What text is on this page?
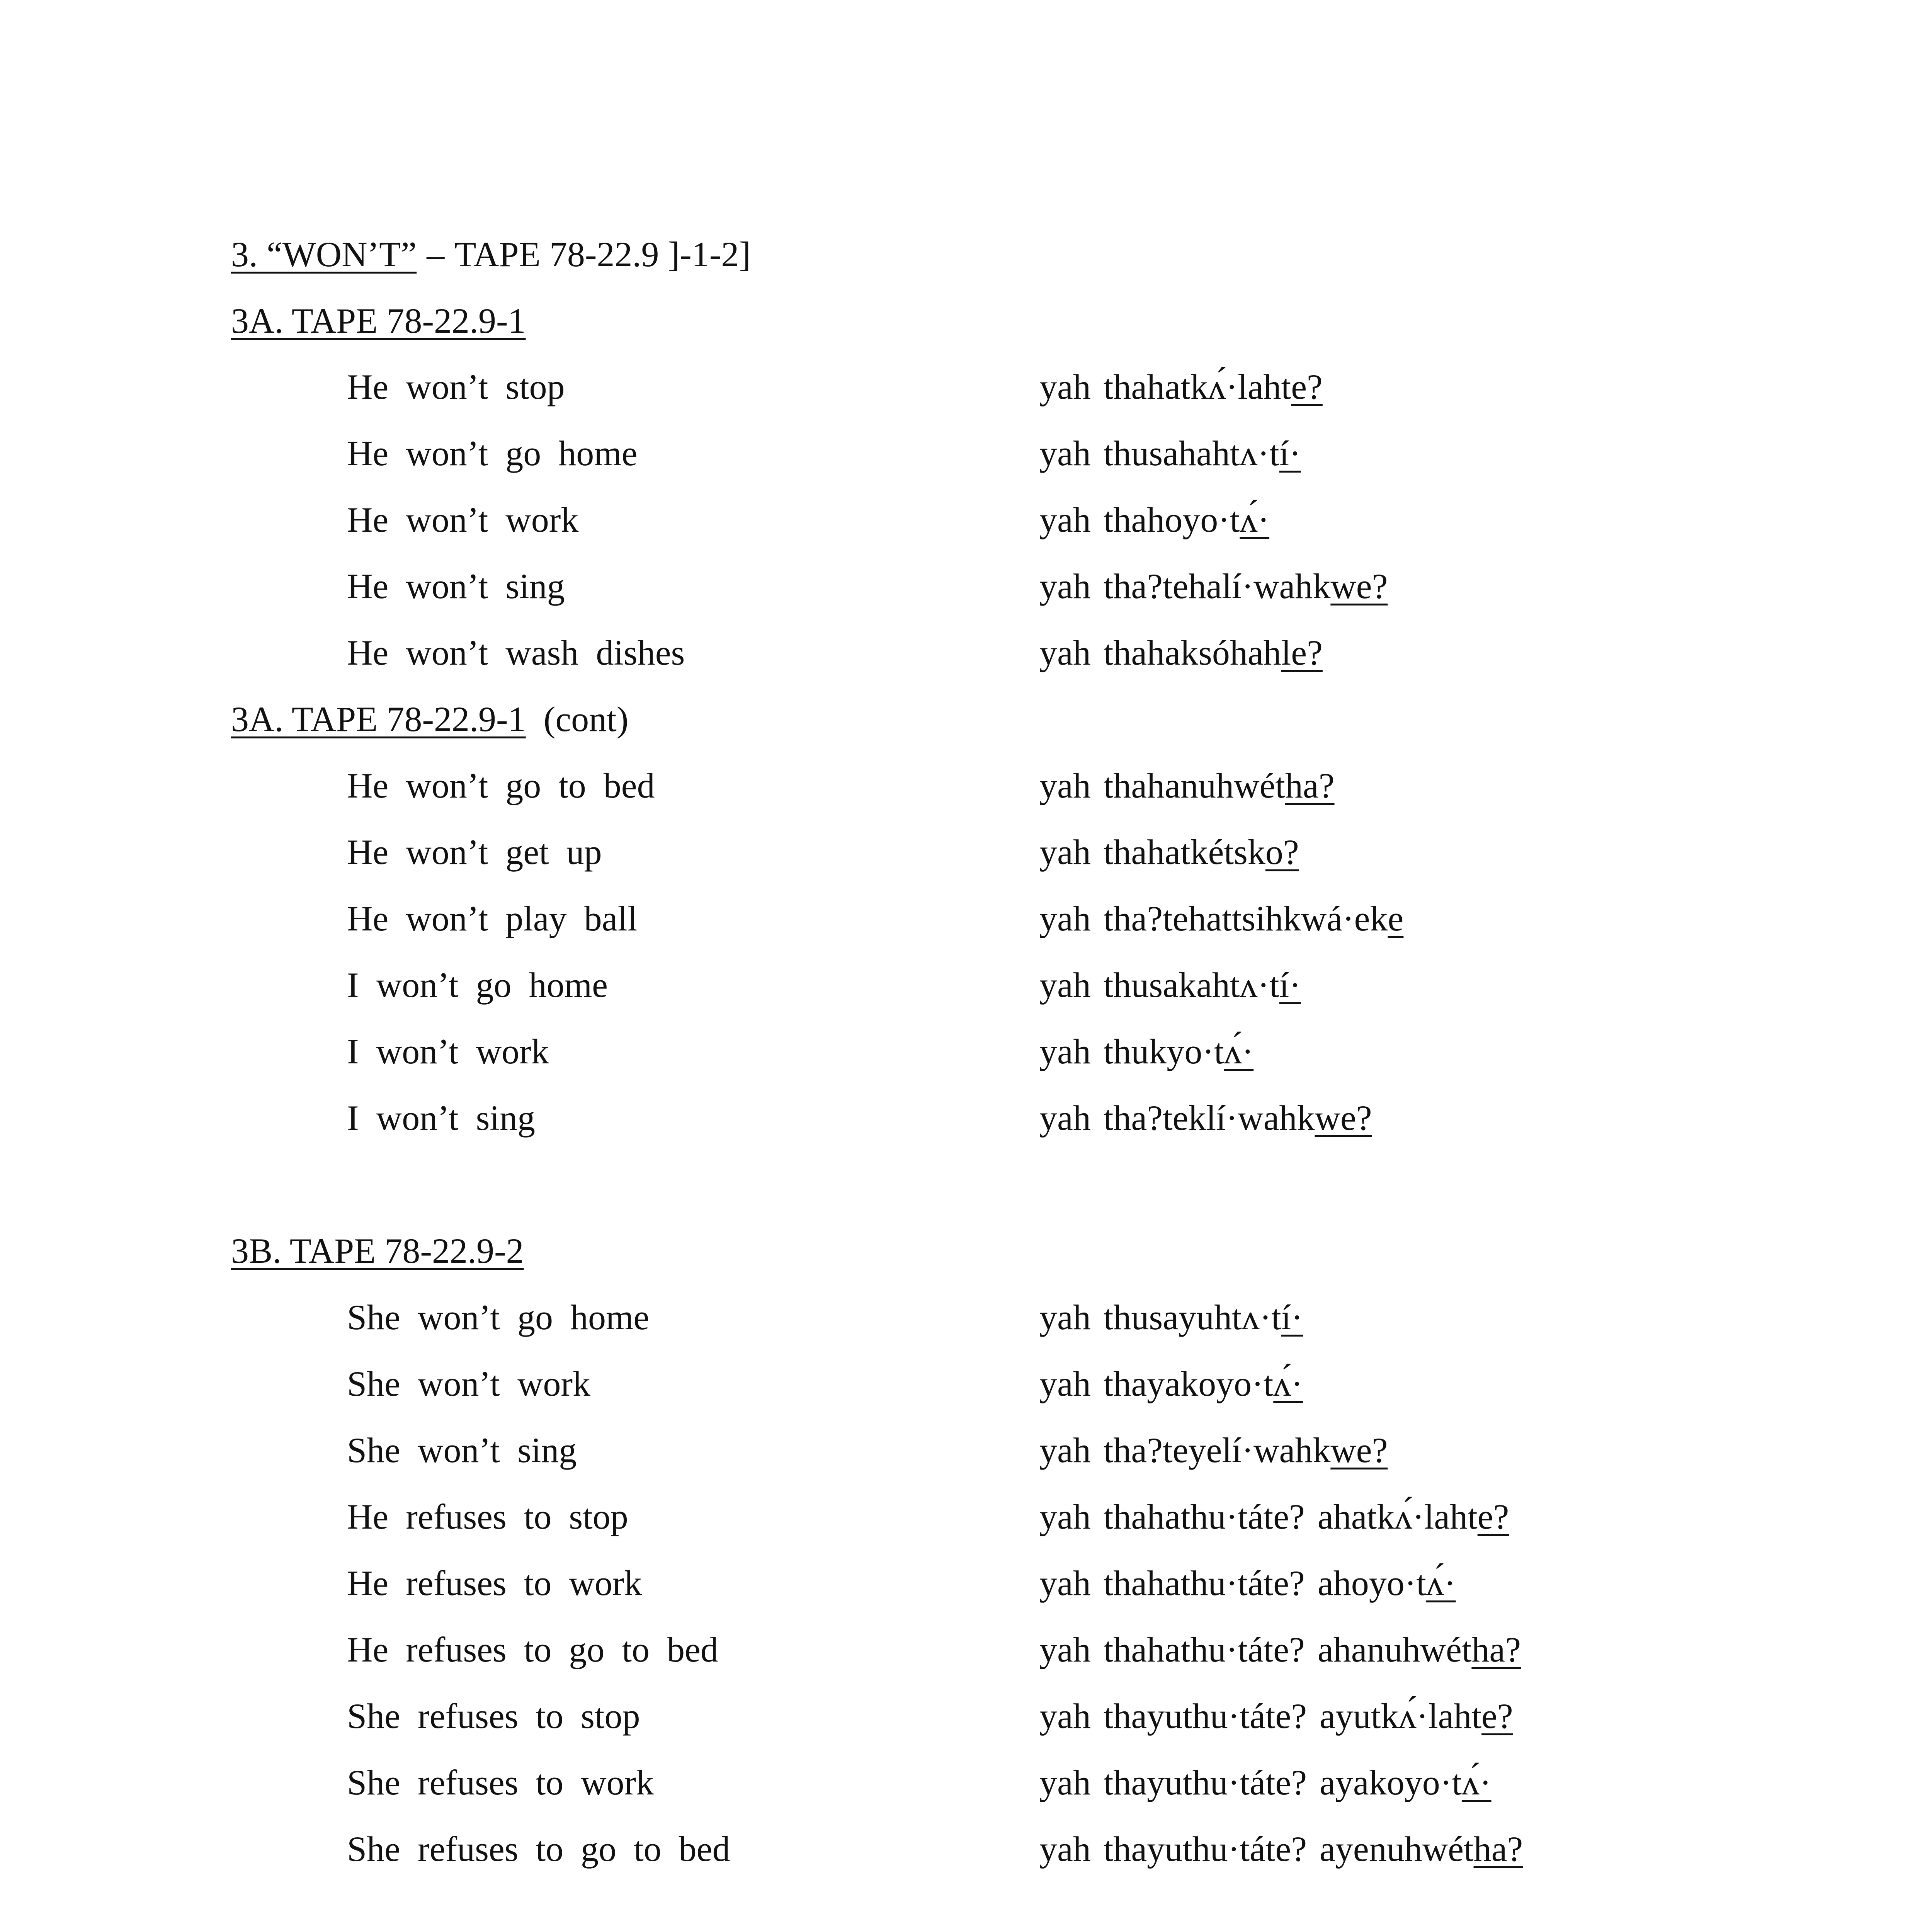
3. “WON’T” – TAPE 78-22.9 ]-1-2]
3A. TAPE 78-22.9-1
He won’t stop	yah thahatkʌ́·lahte?
He won’t go home	yah thusahahtʌ·tí·
He won’t work	yah thahoyo·tʌ́·
He won’t sing	yah tha?tehalí·wahkwe?
He won’t wash dishes	yah thahaksóhahle?
3A. TAPE 78-22.9-1 (cont)
He won’t go to bed	yah thahanuhwétha?
He won’t get up	yah thahatkétsko?
He won’t play ball	yah tha?tehattsihkwá·eke
I won’t go home	yah thusakahtʌ·tí·
I won’t work	yah thukyo·tʌ́·
I won’t sing	yah tha?teklí·wahkwe?
3B. TAPE 78-22.9-2
She won’t go home	yah thusayuhtʌ·tí·
She won’t work	yah thayakoyo·tʌ́·
She won’t sing	yah tha?teyelí·wahkwe?
He refuses to stop	yah thahathu·táte? ahatkʌ́·lahte?
He refuses to work	yah thahathu·táte? ahoyo·tʌ́·
He refuses to go to bed	yah thahathu·táte? ahanuhwétha?
She refuses to stop	yah thayuthu·táte? ayutkʌ́·lahte?
She refuses to work	yah thayuthu·táte? ayakoyo·tʌ́·
She refuses to go to bed	yah thayuthu·táte? ayenuhwétha?
